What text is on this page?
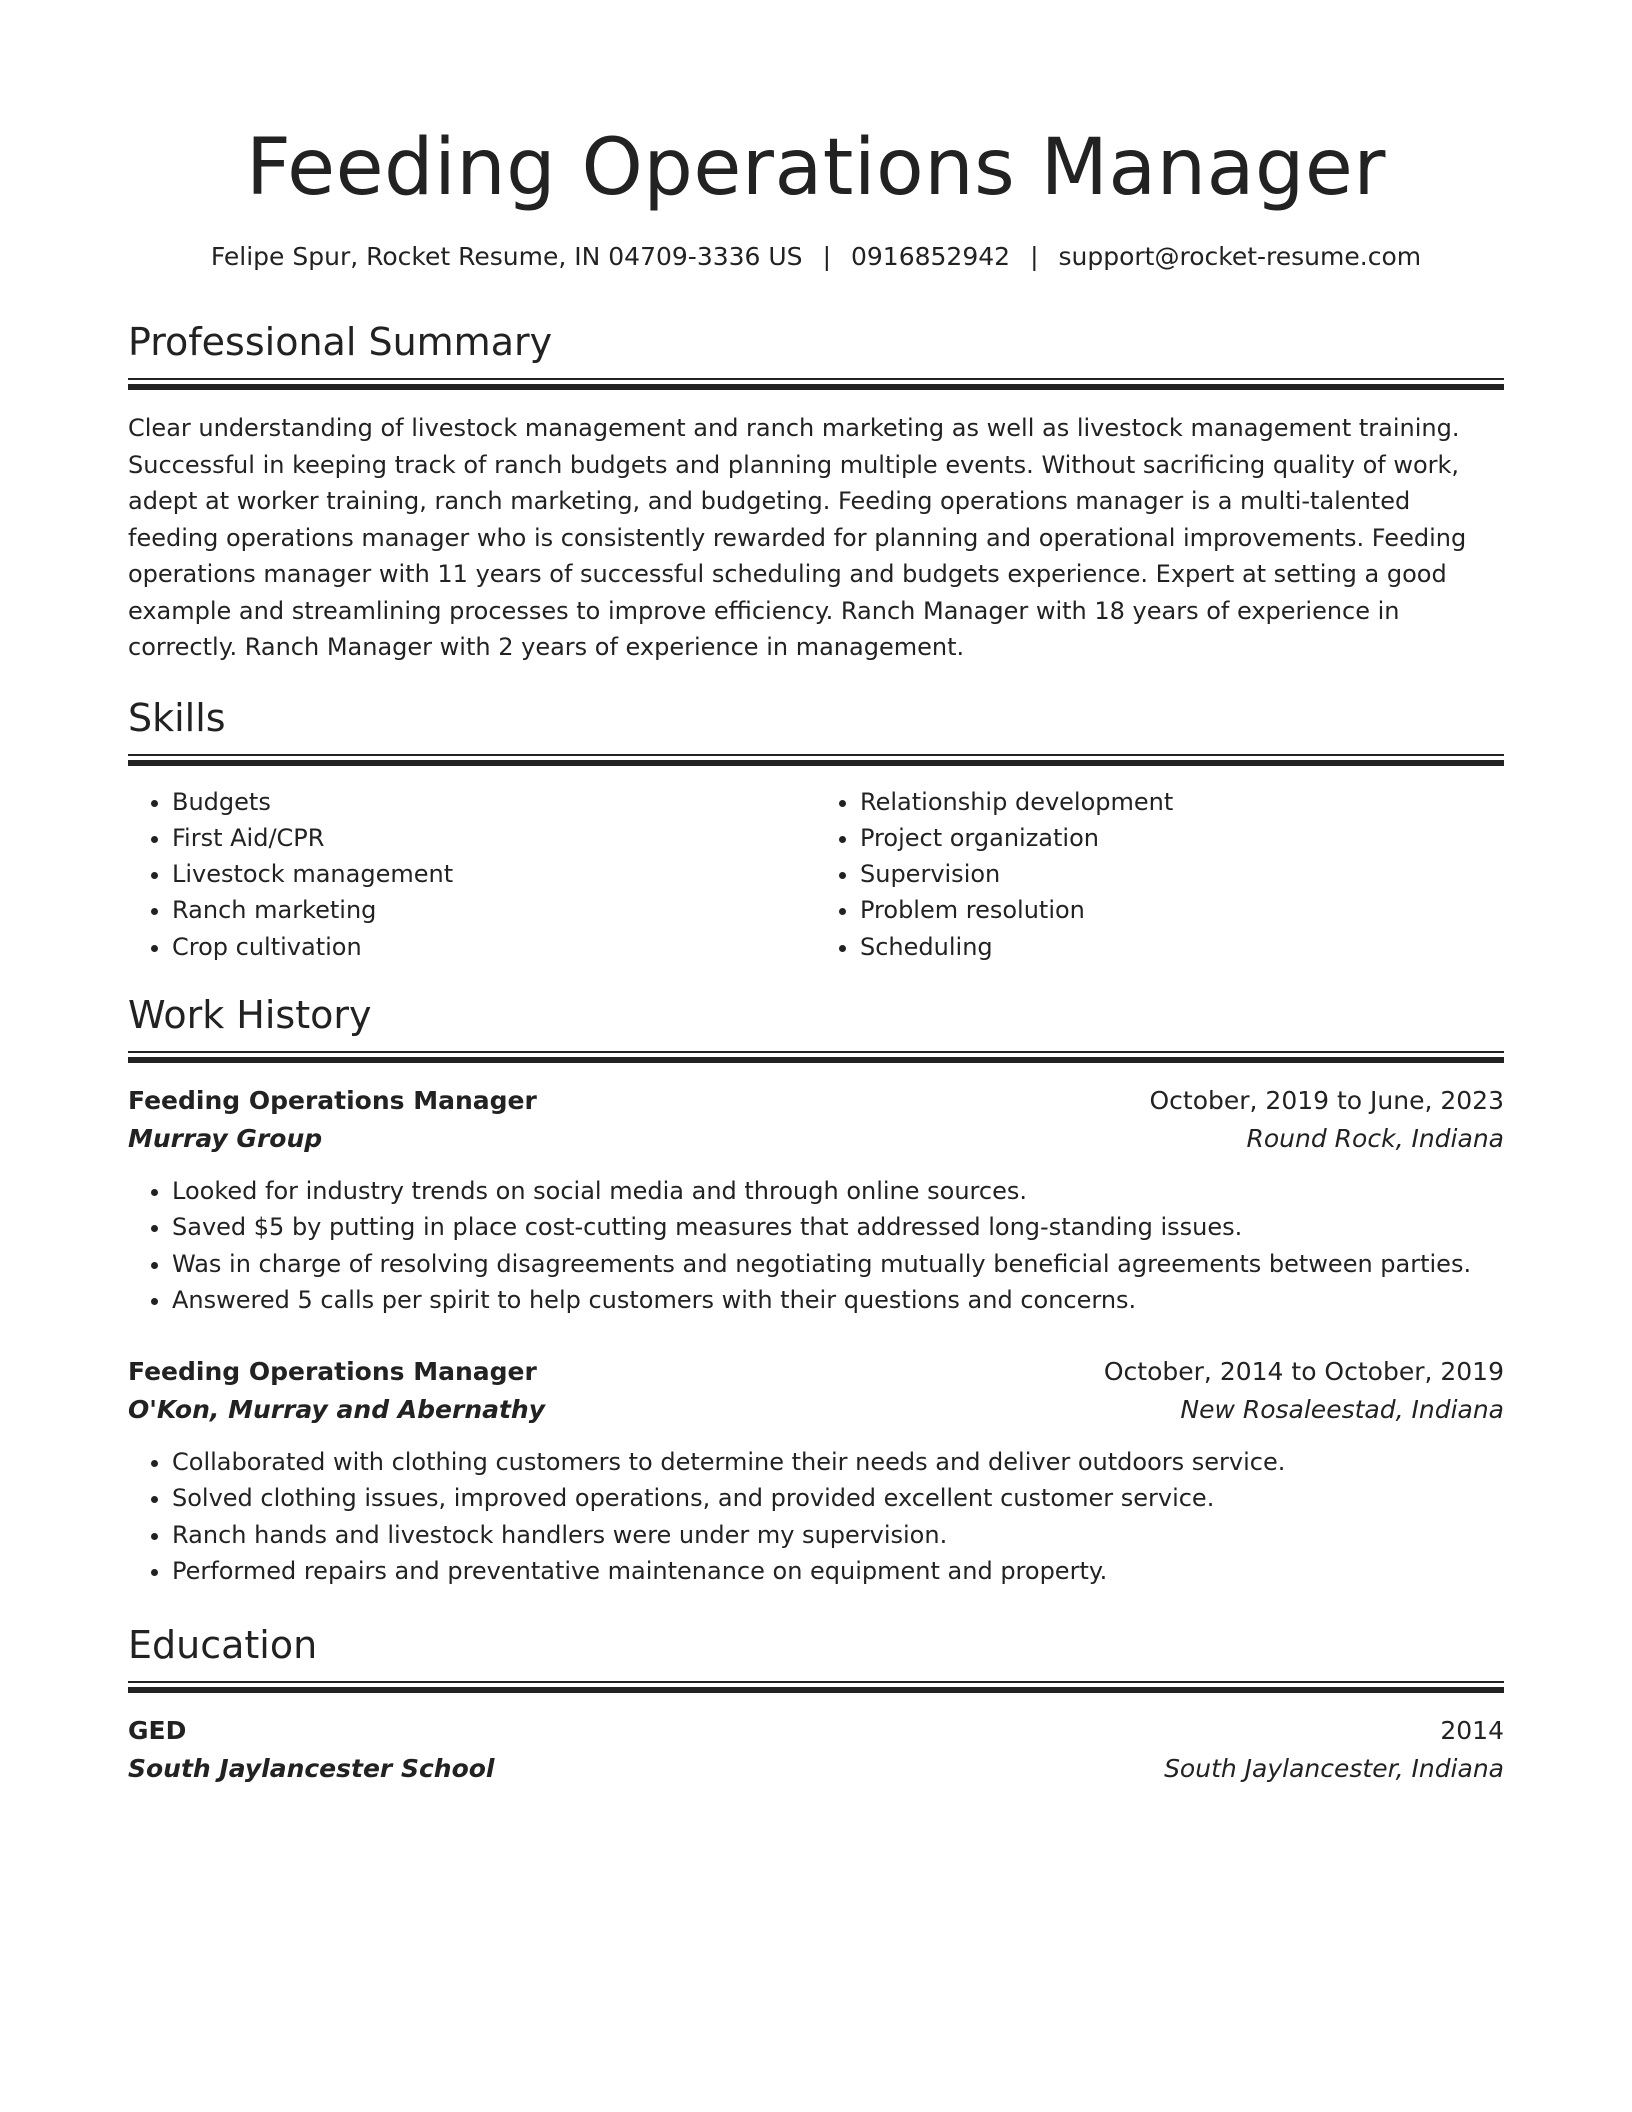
Feeding Operations Manager
Felipe Spur, Rocket Resume, IN 04709-3336 US | 0916852942 | support@rocket-resume.com
Professional Summary
Clear understanding of livestock management and ranch marketing as well as livestock management training. Successful in keeping track of ranch budgets and planning multiple events. Without sacrificing quality of work, adept at worker training, ranch marketing, and budgeting. Feeding operations manager is a multi-talented feeding operations manager who is consistently rewarded for planning and operational improvements. Feeding operations manager with 11 years of successful scheduling and budgets experience. Expert at setting a good example and streamlining processes to improve efficiency. Ranch Manager with 18 years of experience in correctly. Ranch Manager with 2 years of experience in management.
Skills
• Budgets
• First Aid/CPR
• Livestock management
• Ranch marketing
• Crop cultivation
• Relationship development
• Project organization
• Supervision
• Problem resolution
• Scheduling
Work History
Feeding Operations Manager	October, 2019 to June, 2023
Murray Group	Round Rock, Indiana
• Looked for industry trends on social media and through online sources.
• Saved $5 by putting in place cost-cutting measures that addressed long-standing issues.
• Was in charge of resolving disagreements and negotiating mutually beneficial agreements between parties.
• Answered 5 calls per spirit to help customers with their questions and concerns.
Feeding Operations Manager	October, 2014 to October, 2019
O'Kon, Murray and Abernathy	New Rosaleestad, Indiana
• Collaborated with clothing customers to determine their needs and deliver outdoors service.
• Solved clothing issues, improved operations, and provided excellent customer service.
• Ranch hands and livestock handlers were under my supervision.
• Performed repairs and preventative maintenance on equipment and property.
Education
GED	2014
South Jaylancester School	South Jaylancester, Indiana
